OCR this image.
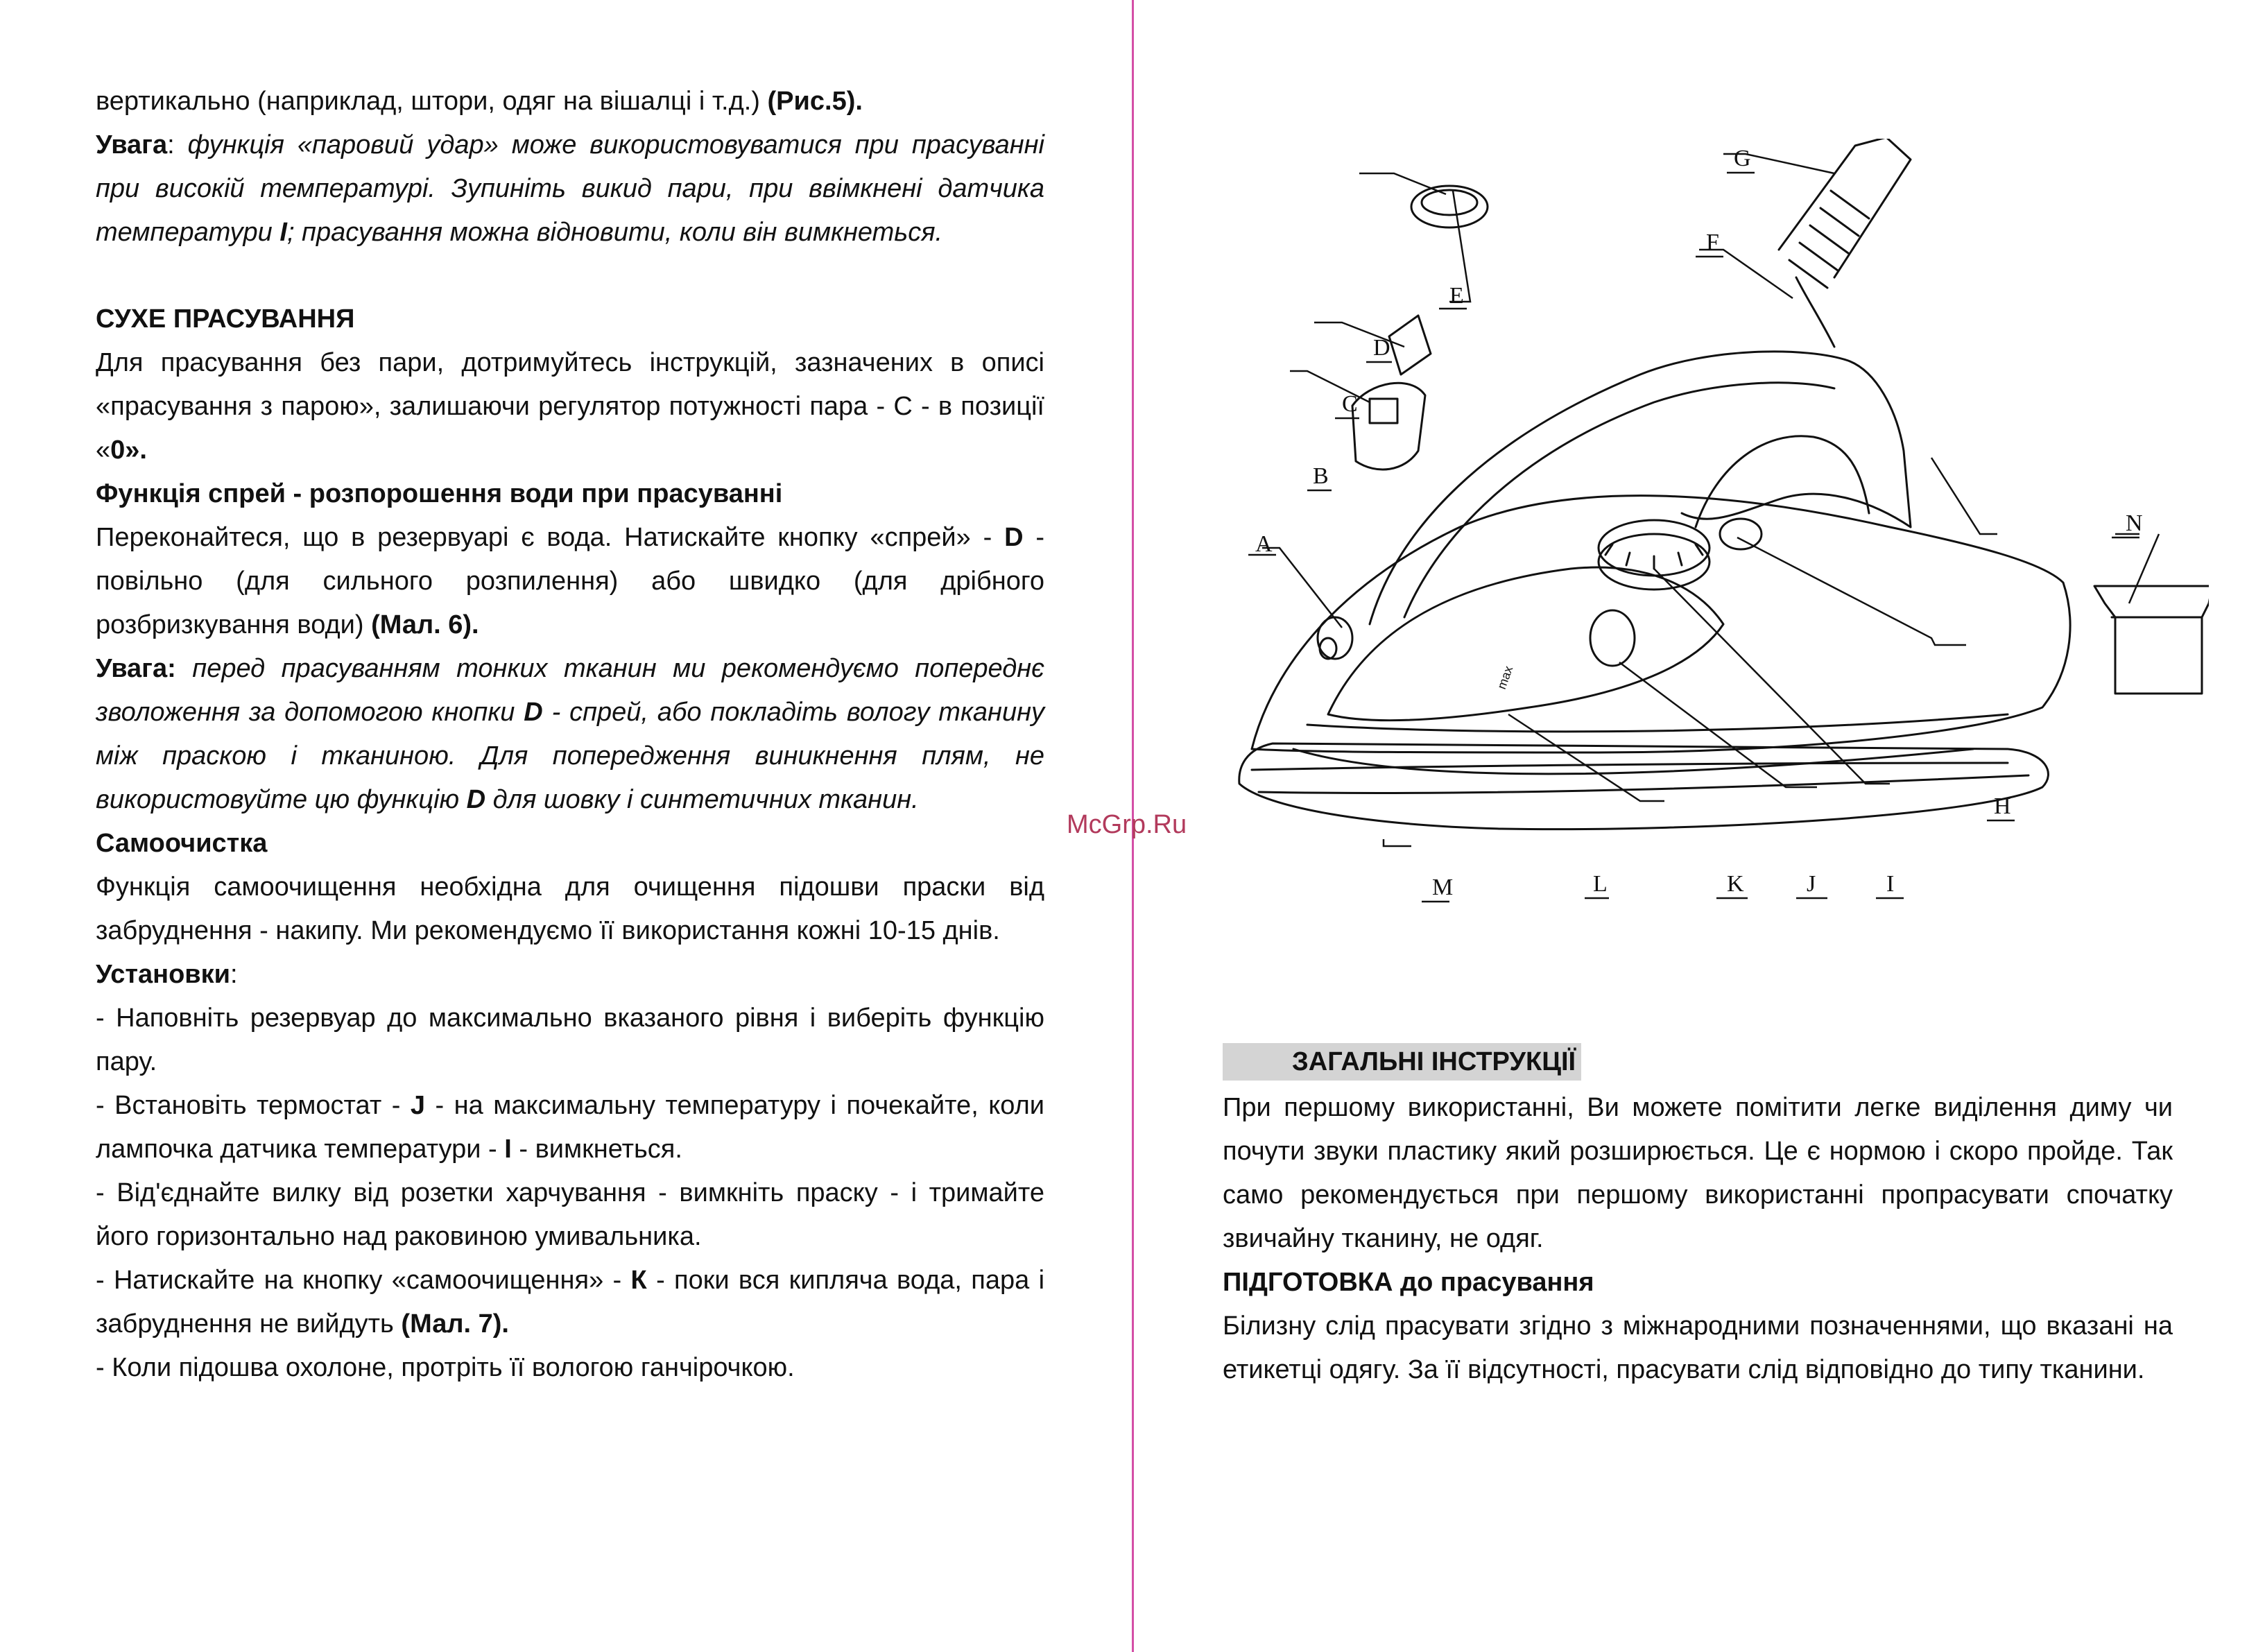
вертикально (наприклад, штори, одяг на вішалці і т.д.) (Рис.5).

Увага: функція «паровий удар» може використовуватися при прасуванні при високій температурі. Зупиніть викид пари, при ввімкнені датчика температури I; прасування можна відновити, коли він вимкнеться.

СУХЕ ПРАСУВАННЯ

Для прасування без пари, дотримуйтесь інструкцій, зазначених в описі «прасування з парою», залишаючи регулятор потужності пара - С - в позиції «0».

Функція спрей - розпорошення води при прасуванні

Переконайтеся, що в резервуарі є вода. Натискайте кнопку «спрей» - D - повільно (для сильного розпилення) або швидко (для дрібного розбризкування води) (Мал. 6).

Увага: перед прасуванням тонких тканин ми рекомендуємо попереднє зволоження за допомогою кнопки D - спрей, або покладіть вологу тканину між праскою і тканиною. Для попередження виникнення плям, не використовуйте цю функцію D для шовку і синтетичних тканин.

Самоочистка

Функція самоочищення необхідна для очищення підошви праски від забруднення - накипу. Ми рекомендуємо її використання кожні 10-15 днів.

Установки:

- Наповніть резервуар до максимально вказаного рівня і виберіть функцію пару.

- Встановіть термостат - J - на максимальну температуру і почекайте, коли лампочка датчика температури - I - вимкнеться.

- Від'єднайте вилку від розетки харчування - вимкніть праску - і тримайте його горизонтально над раковиною умивальника.

- Натискайте на кнопку «самоочищення» - К - поки вся кипляча вода, пара і забруднення не вийдуть (Мал. 7).

- Коли підошва охолоне, протріть її вологою ганчірочкою.

A
B
C
D
E
F
G
H
I
J
K
L
M
N
max
McGrp.Ru
ЗАГАЛЬНІ ІНСТРУКЦІЇ

При першому використанні, Ви можете помітити легке виділення диму чи почути звуки пластику який розширюється. Це є нормою і скоро пройде. Так само рекомендується при першому використанні пропрасувати спочатку звичайну тканину, не одяг.

ПІДГОТОВКА до прасування

Білизну слід прасувати згідно з міжнародними позначеннями, що вказані на етикетці одягу. За її відсутності, прасувати слід відповідно до типу тканини.
